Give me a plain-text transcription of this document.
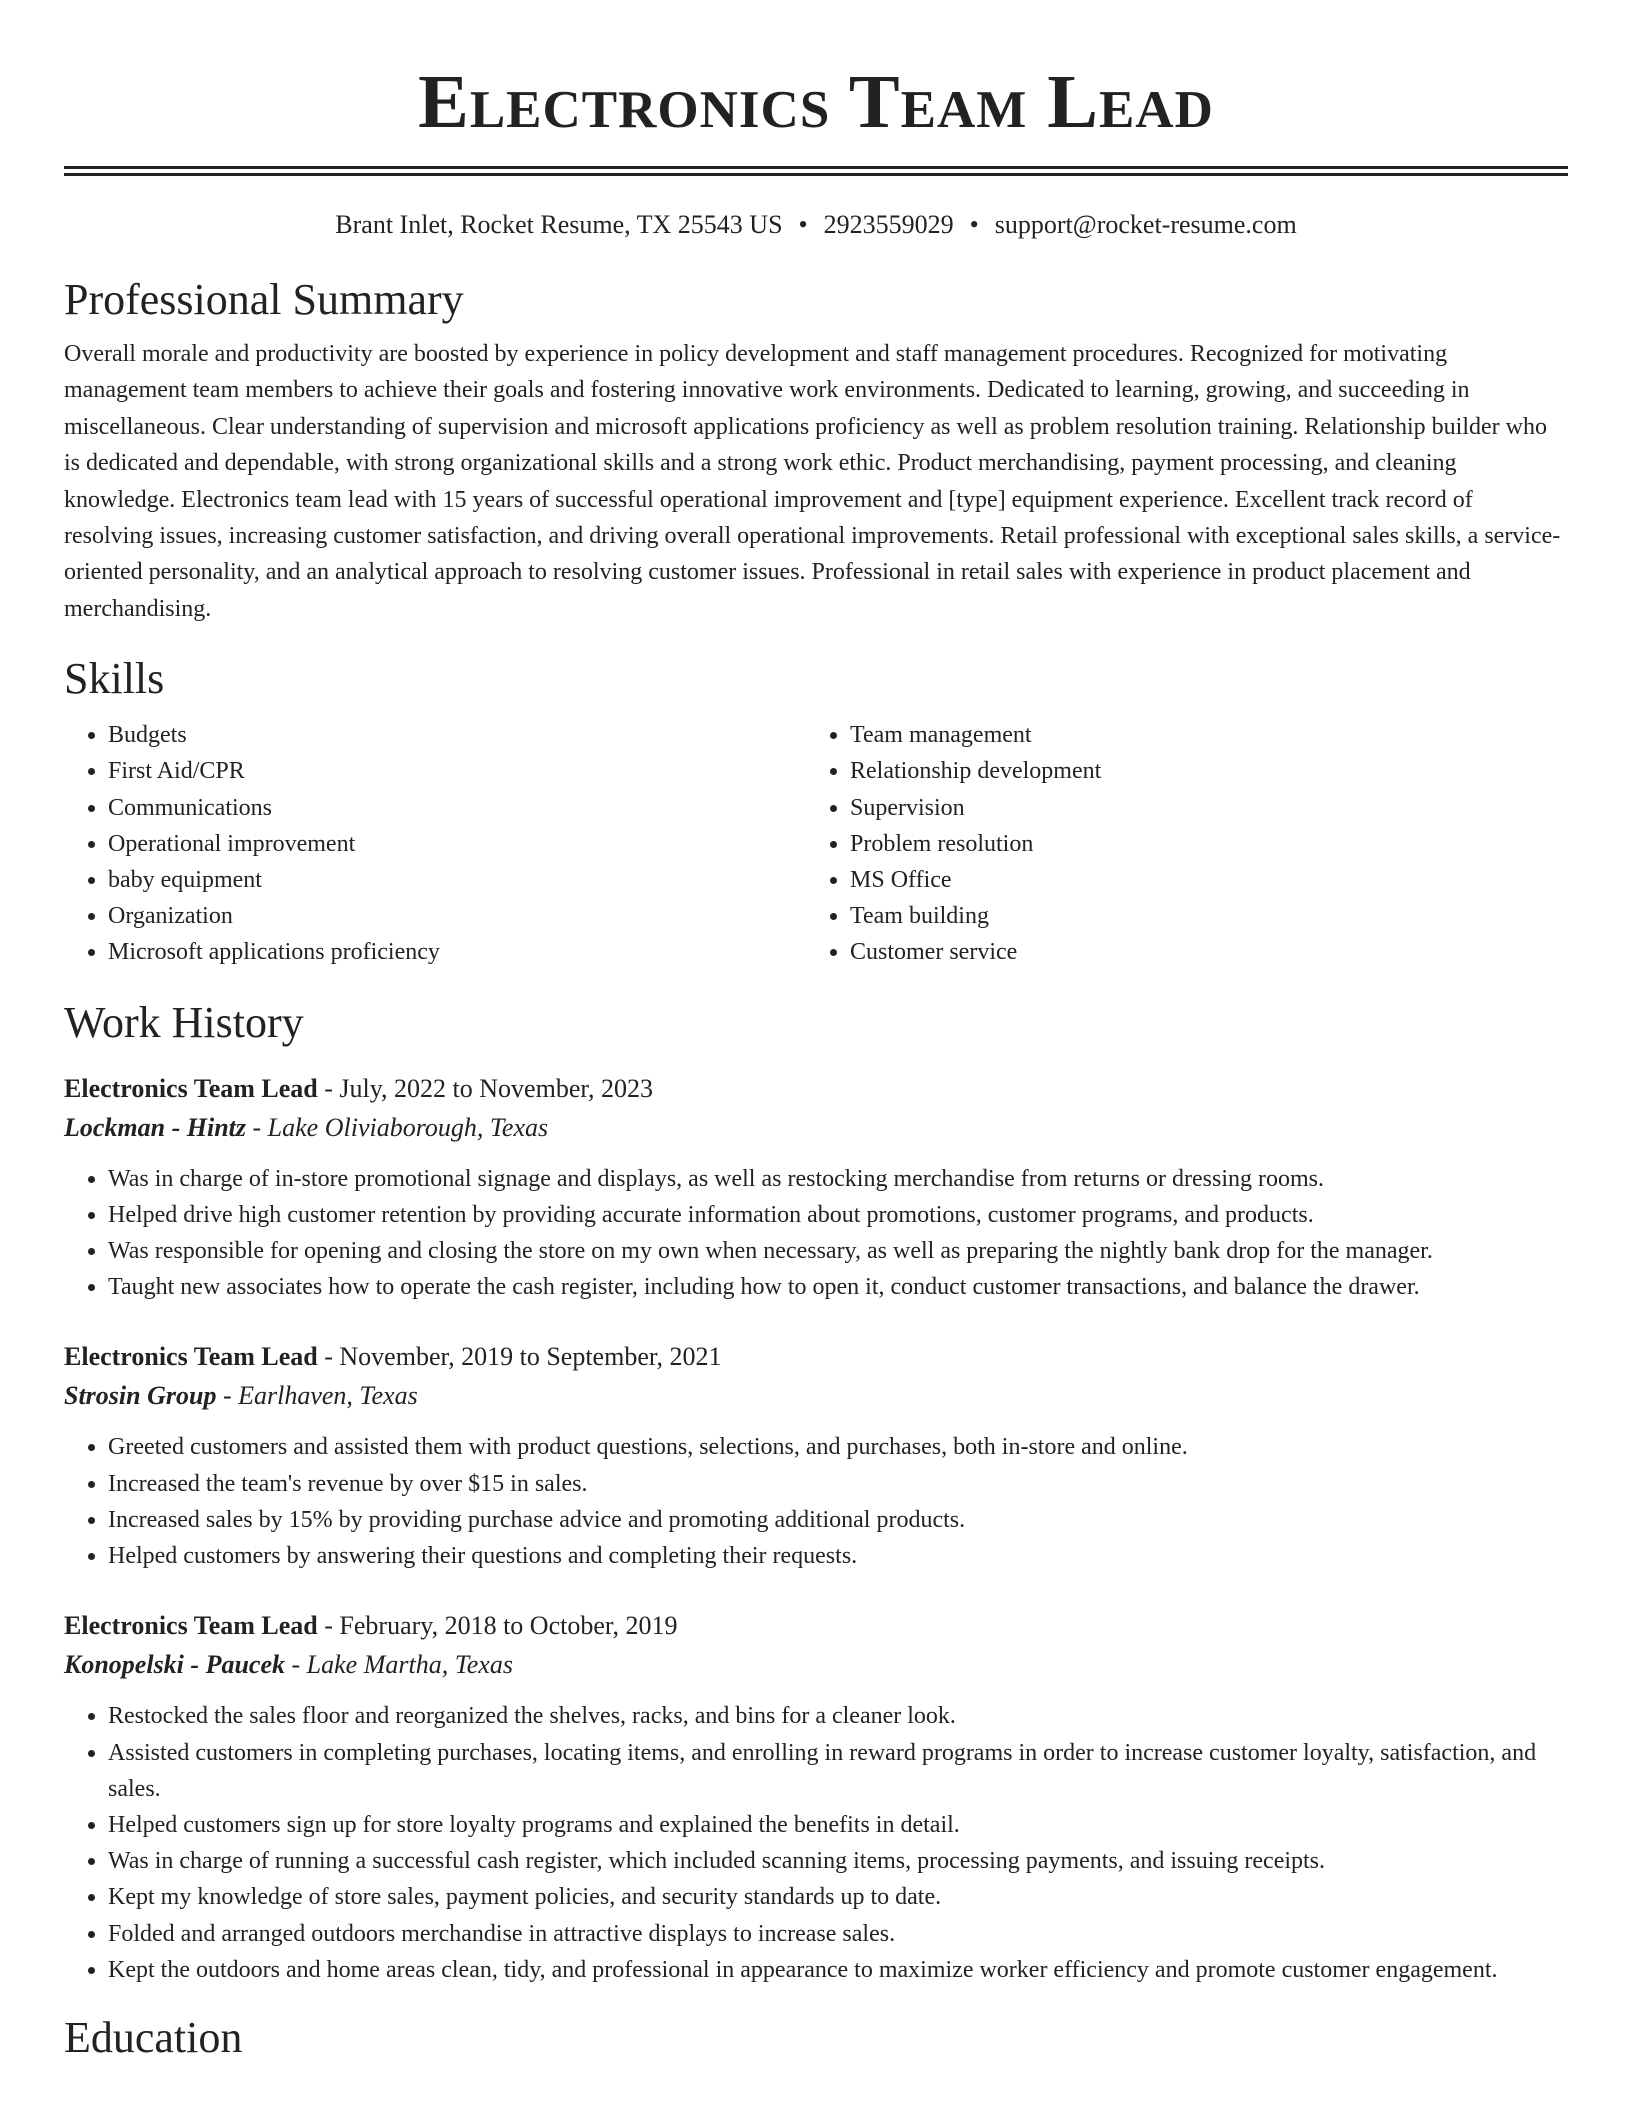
Electronics Team Lead
Brant Inlet, Rocket Resume, TX 25543 US • 2923559029 • support@rocket-resume.com
Professional Summary

Overall morale and productivity are boosted by experience in policy development and staff management procedures. Recognized for motivating management team members to achieve their goals and fostering innovative work environments. Dedicated to learning, growing, and succeeding in miscellaneous. Clear understanding of supervision and microsoft applications proficiency as well as problem resolution training. Relationship builder who is dedicated and dependable, with strong organizational skills and a strong work ethic. Product merchandising, payment processing, and cleaning knowledge. Electronics team lead with 15 years of successful operational improvement and [type] equipment experience. Excellent track record of resolving issues, increasing customer satisfaction, and driving overall operational improvements. Retail professional with exceptional sales skills, a service-oriented personality, and an analytical approach to resolving customer issues. Professional in retail sales with experience in product placement and merchandising.

Skills
• Budgets
• First Aid/CPR
• Communications
• Operational improvement
• baby equipment
• Organization
• Microsoft applications proficiency
• Team management
• Relationship development
• Supervision
• Problem resolution
• MS Office
• Team building
• Customer service
Work History
Electronics Team Lead - July, 2022 to November, 2023
Lockman - Hintz - Lake Oliviaborough, Texas
• Was in charge of in-store promotional signage and displays, as well as restocking merchandise from returns or dressing rooms.
• Helped drive high customer retention by providing accurate information about promotions, customer programs, and products.
• Was responsible for opening and closing the store on my own when necessary, as well as preparing the nightly bank drop for the manager.
• Taught new associates how to operate the cash register, including how to open it, conduct customer transactions, and balance the drawer.
Electronics Team Lead - November, 2019 to September, 2021
Strosin Group - Earlhaven, Texas
• Greeted customers and assisted them with product questions, selections, and purchases, both in-store and online.
• Increased the team's revenue by over $15 in sales.
• Increased sales by 15% by providing purchase advice and promoting additional products.
• Helped customers by answering their questions and completing their requests.
Electronics Team Lead - February, 2018 to October, 2019
Konopelski - Paucek - Lake Martha, Texas
• Restocked the sales floor and reorganized the shelves, racks, and bins for a cleaner look.
• Assisted customers in completing purchases, locating items, and enrolling in reward programs in order to increase customer loyalty, satisfaction, and sales.
• Helped customers sign up for store loyalty programs and explained the benefits in detail.
• Was in charge of running a successful cash register, which included scanning items, processing payments, and issuing receipts.
• Kept my knowledge of store sales, payment policies, and security standards up to date.
• Folded and arranged outdoors merchandise in attractive displays to increase sales.
• Kept the outdoors and home areas clean, tidy, and professional in appearance to maximize worker efficiency and promote customer engagement.
Education
